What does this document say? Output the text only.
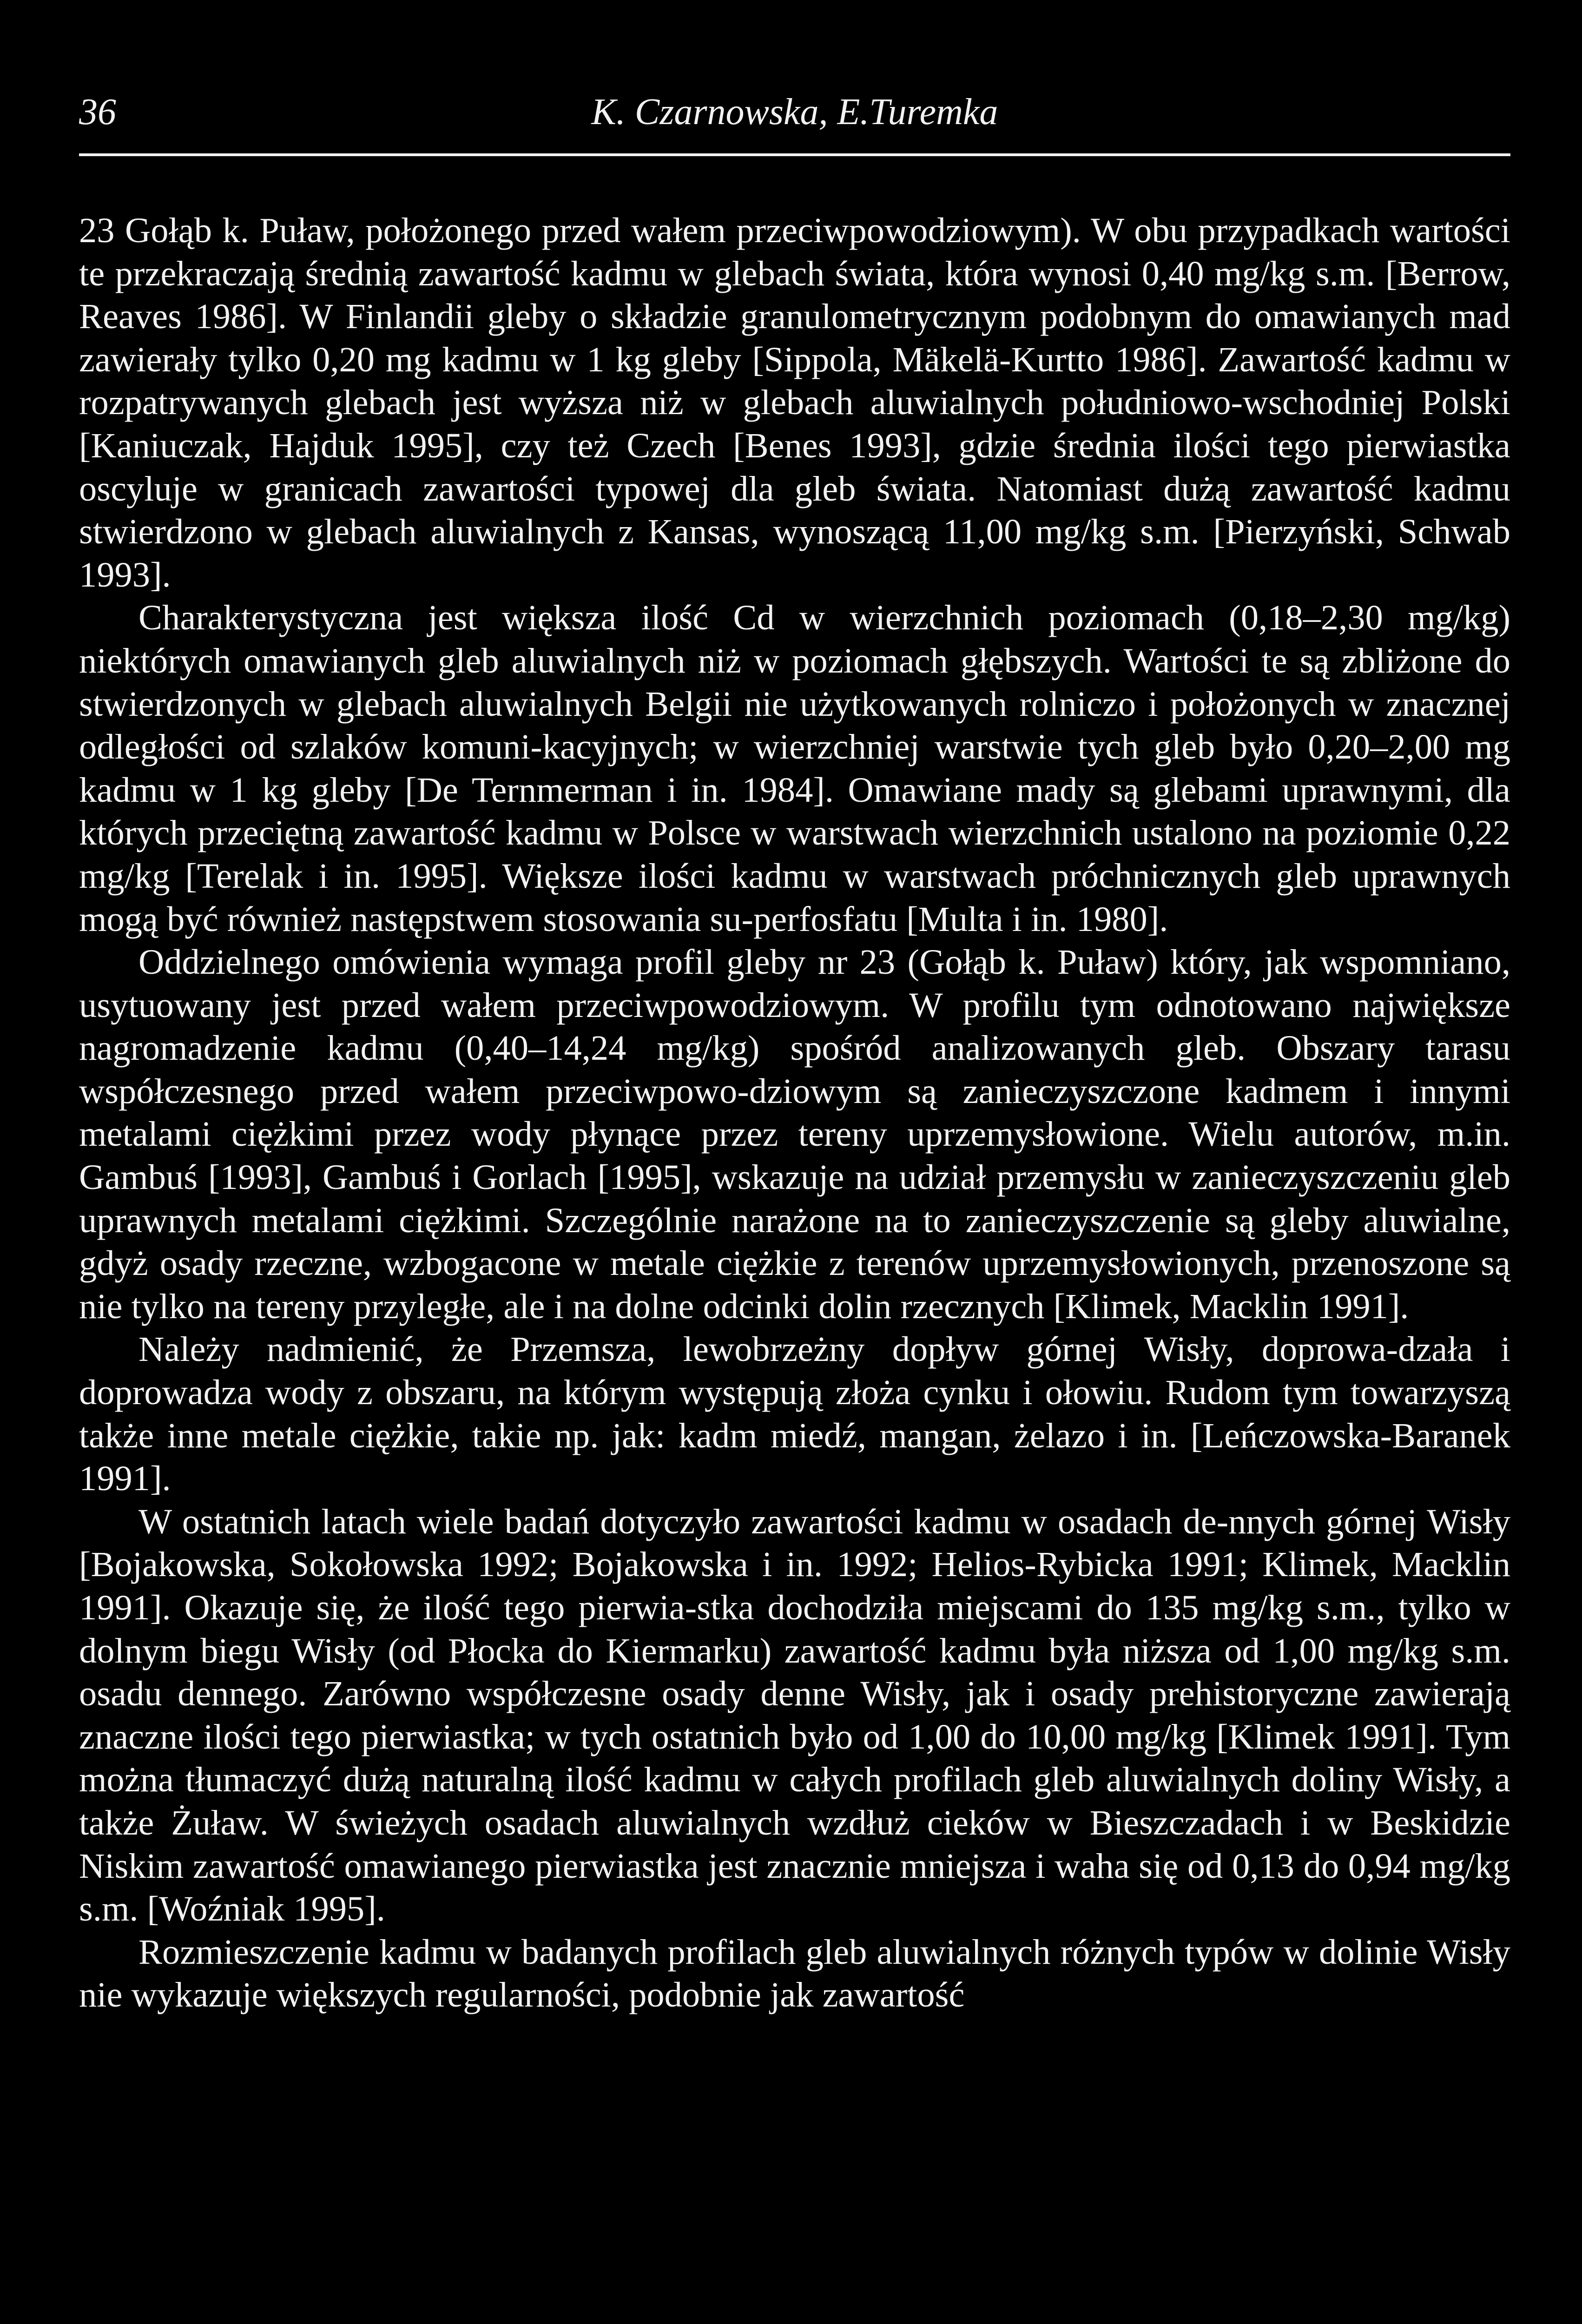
36	K. Czarnowska, E.Turemka

23 Gołąb k. Puław, położonego przed wałem przeciwpowodziowym). W obu przypadkach wartości te przekraczają średnią zawartość kadmu w glebach świata, która wynosi 0,40 mg/kg s.m. [Berrow, Reaves 1986]. W Finlandii gleby o składzie granulometrycznym podobnym do omawianych mad zawierały tylko 0,20 mg kadmu w 1 kg gleby [Sippola, Mäkelä-Kurtto 1986]. Zawartość kadmu w rozpatrywanych glebach jest wyższa niż w glebach aluwialnych południowo-wschodniej Polski [Kaniuczak, Hajduk 1995], czy też Czech [Benes 1993], gdzie średnia ilości tego pierwiastka oscyluje w granicach zawartości typowej dla gleb świata. Natomiast dużą zawartość kadmu stwierdzono w glebach aluwialnych z Kansas, wynoszącą 11,00 mg/kg s.m. [Pierzyński, Schwab 1993].

Charakterystyczna jest większa ilość Cd w wierzchnich poziomach (0,18–2,30 mg/kg) niektórych omawianych gleb aluwialnych niż w poziomach głębszych. Wartości te są zbliżone do stwierdzonych w glebach aluwialnych Belgii nie użytkowanych rolniczo i położonych w znacznej odległości od szlaków komuni-kacyjnych; w wierzchniej warstwie tych gleb było 0,20–2,00 mg kadmu w 1 kg gleby [De Ternmerman i in. 1984]. Omawiane mady są glebami uprawnymi, dla których przeciętną zawartość kadmu w Polsce w warstwach wierzchnich ustalono na poziomie 0,22 mg/kg [Terelak i in. 1995]. Większe ilości kadmu w warstwach próchnicznych gleb uprawnych mogą być również następstwem stosowania su-perfosfatu [Multa i in. 1980].

Oddzielnego omówienia wymaga profil gleby nr 23 (Gołąb k. Puław) który, jak wspomniano, usytuowany jest przed wałem przeciwpowodziowym. W profilu tym odnotowano największe nagromadzenie kadmu (0,40–14,24 mg/kg) spośród analizowanych gleb. Obszary tarasu współczesnego przed wałem przeciwpowo-dziowym są zanieczyszczone kadmem i innymi metalami ciężkimi przez wody płynące przez tereny uprzemysłowione. Wielu autorów, m.in. Gambuś [1993], Gambuś i Gorlach [1995], wskazuje na udział przemysłu w zanieczyszczeniu gleb uprawnych metalami ciężkimi. Szczególnie narażone na to zanieczyszczenie są gleby aluwialne, gdyż osady rzeczne, wzbogacone w metale ciężkie z terenów uprzemysłowionych, przenoszone są nie tylko na tereny przyległe, ale i na dolne odcinki dolin rzecznych [Klimek, Macklin 1991].

Należy nadmienić, że Przemsza, lewobrzeżny dopływ górnej Wisły, doprowa-dzała i doprowadza wody z obszaru, na którym występują złoża cynku i ołowiu. Rudom tym towarzyszą także inne metale ciężkie, takie np. jak: kadm miedź, mangan, żelazo i in. [Leńczowska-Baranek 1991].

W ostatnich latach wiele badań dotyczyło zawartości kadmu w osadach de-nnych górnej Wisły [Bojakowska, Sokołowska 1992; Bojakowska i in. 1992; Helios-Rybicka 1991; Klimek, Macklin 1991]. Okazuje się, że ilość tego pierwia-stka dochodziła miejscami do 135 mg/kg s.m., tylko w dolnym biegu Wisły (od Płocka do Kiermarku) zawartość kadmu była niższa od 1,00 mg/kg s.m. osadu dennego. Zarówno współczesne osady denne Wisły, jak i osady prehistoryczne zawierają znaczne ilości tego pierwiastka; w tych ostatnich było od 1,00 do 10,00 mg/kg [Klimek 1991]. Tym można tłumaczyć dużą naturalną ilość kadmu w całych profilach gleb aluwialnych doliny Wisły, a także Żuław. W świeżych osadach aluwialnych wzdłuż cieków w Bieszczadach i w Beskidzie Niskim zawartość omawianego pierwiastka jest znacznie mniejsza i waha się od 0,13 do 0,94 mg/kg s.m. [Woźniak 1995].

Rozmieszczenie kadmu w badanych profilach gleb aluwialnych różnych typów w dolinie Wisły nie wykazuje większych regularności, podobnie jak zawartość
